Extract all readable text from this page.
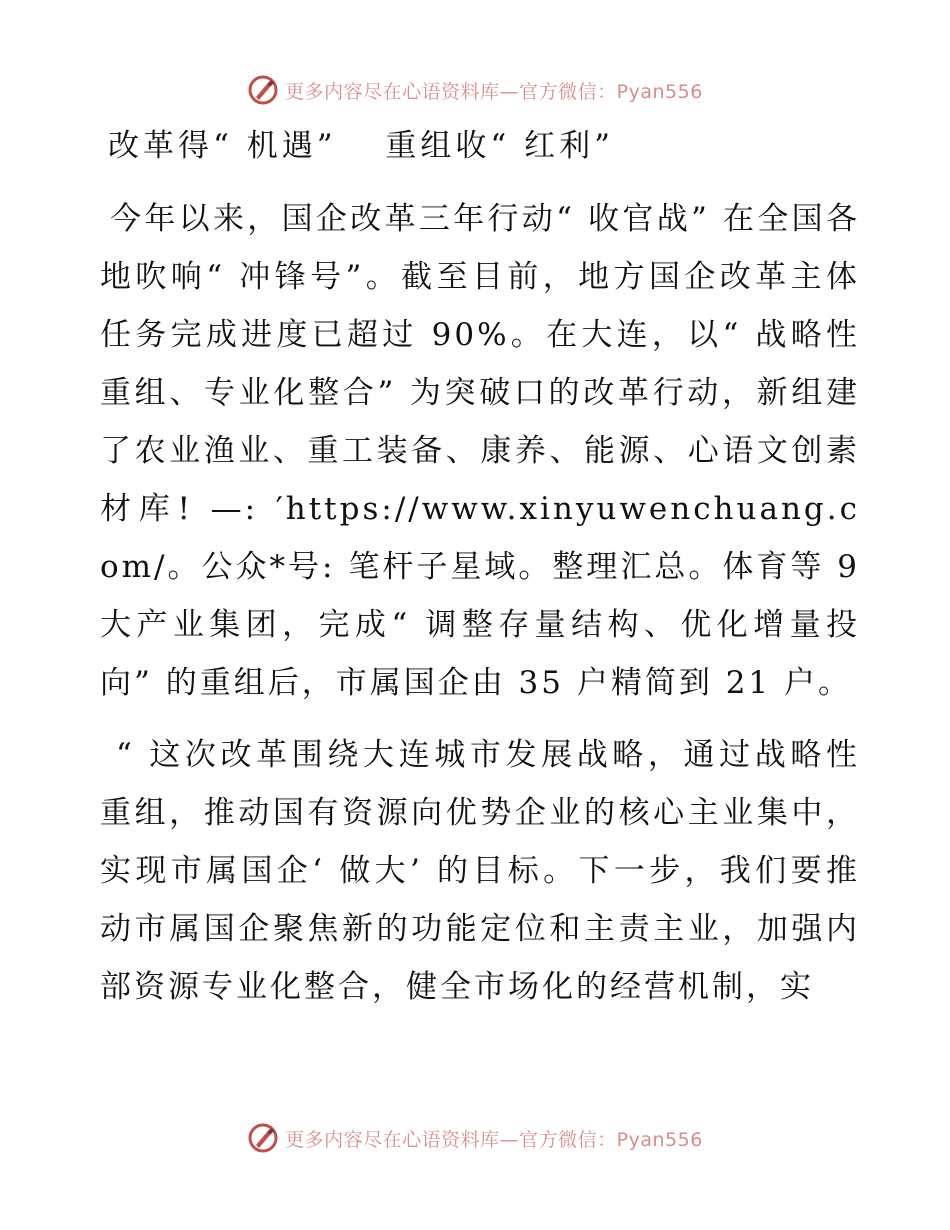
更多内容尽在心语资料库—官方微信：Pyan556
改革得“ 机遇”　 重组收“ 红利”

今年以来，国企改革三年行动“ 收官战” 在全国各地吹响“ 冲锋号”。截至目前，地方国企改革主体任务完成进度已超过 90%。在大连，以“ 战略性重组、专业化整合” 为突破口的改革行动，新组建了农业渔业、重工装备、康养、能源、心语文创素材库! —: ′https://www.xinyuwenchuang.com/。公众*号: 笔杆子星域。整理汇总。体育等 9 大产业集团，完成“ 调整存量结构、优化增量投向” 的重组后，市属国企由 35 户精简到 21 户。

“ 这次改革围绕大连城市发展战略，通过战略性重组，推动国有资源向优势企业的核心主业集中，实现市属国企‘ 做大’ 的目标。下一步，我们要推动市属国企聚焦新的功能定位和主责主业，加强内部资源专业化整合，健全市场化的经营机制，实

更多内容尽在心语资料库—官方微信：Pyan556
